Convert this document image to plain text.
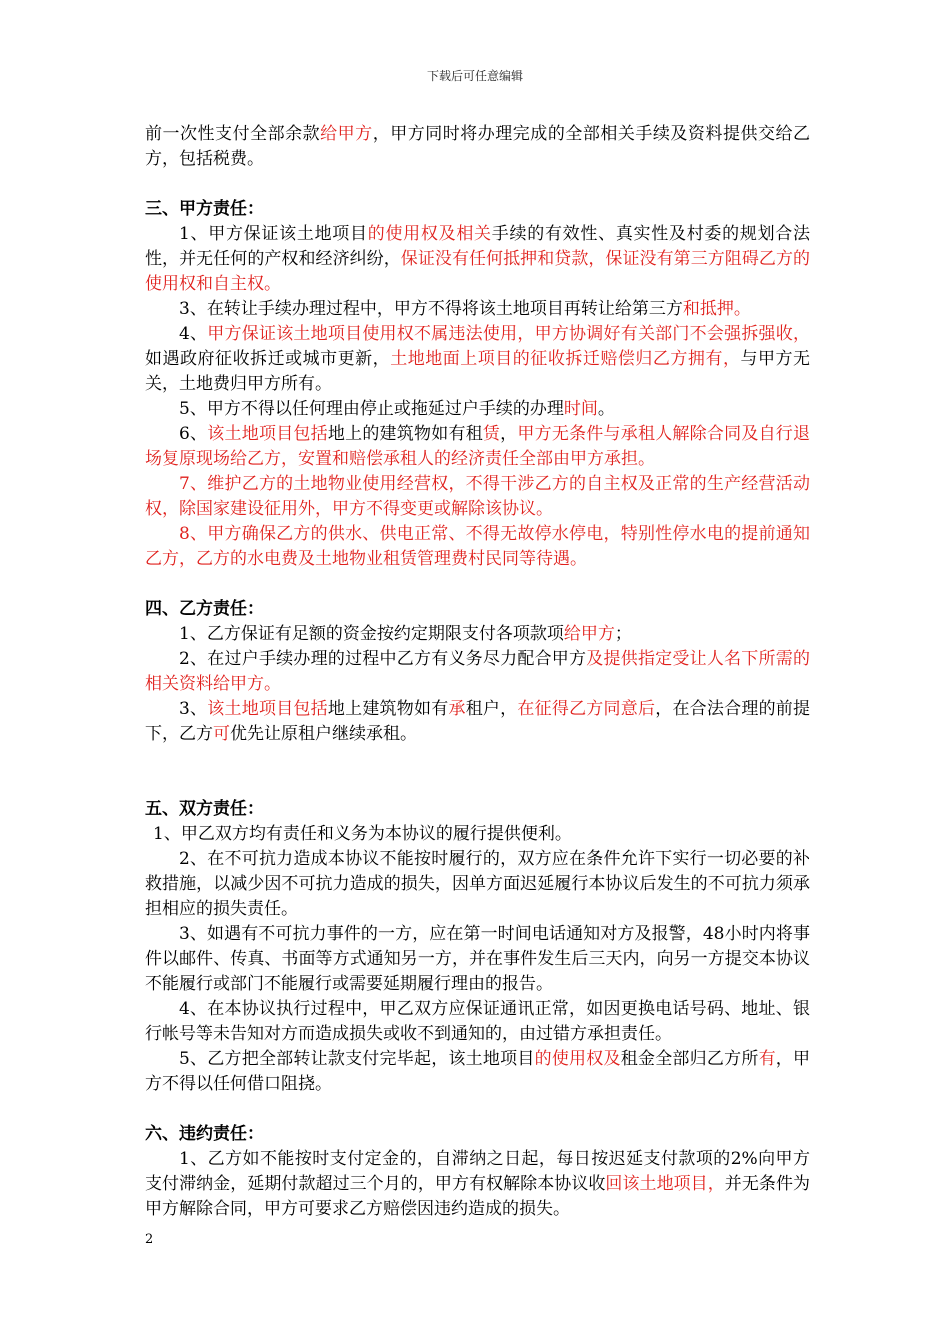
下载后可任意编辑

前一次性支付全部余款给甲方，甲方同时将办理完成的全部相关手续及资料提供交给乙方，包括税费。

三、甲方责任：

1、甲方保证该土地项目的使用权及相关手续的有效性、真实性及村委的规划合法性，并无任何的产权和经济纠纷，保证没有任何抵押和贷款，保证没有第三方阻碍乙方的使用权和自主权。

3、在转让手续办理过程中，甲方不得将该土地项目再转让给第三方和抵押。

4、甲方保证该土地项目使用权不属违法使用，甲方协调好有关部门不会强拆强收，如遇政府征收拆迁或城市更新，土地地面上项目的征收拆迁赔偿归乙方拥有，与甲方无关，土地费归甲方所有。

5、甲方不得以任何理由停止或拖延过户手续的办理时间。

6、该土地项目包括地上的建筑物如有租赁，甲方无条件与承租人解除合同及自行退场复原现场给乙方，安置和赔偿承租人的经济责任全部由甲方承担。

7、维护乙方的土地物业使用经营权，不得干涉乙方的自主权及正常的生产经营活动权，除国家建设征用外，甲方不得变更或解除该协议。

8、甲方确保乙方的供水、供电正常、不得无故停水停电，特别性停水电的提前通知乙方，乙方的水电费及土地物业租赁管理费村民同等待遇。

四、乙方责任：

1、乙方保证有足额的资金按约定期限支付各项款项给甲方；

2、在过户手续办理的过程中乙方有义务尽力配合甲方及提供指定受让人名下所需的相关资料给甲方。

3、该土地项目包括地上建筑物如有承租户，在征得乙方同意后，在合法合理的前提下，乙方可优先让原租户继续承租。

五、双方责任：

1、甲乙双方均有责任和义务为本协议的履行提供便利。

2、在不可抗力造成本协议不能按时履行的，双方应在条件允许下实行一切必要的补救措施，以减少因不可抗力造成的损失，因单方面迟延履行本协议后发生的不可抗力须承担相应的损失责任。

3、如遇有不可抗力事件的一方，应在第一时间电话通知对方及报警，48小时内将事件以邮件、传真、书面等方式通知另一方，并在事件发生后三天内，向另一方提交本协议不能履行或部门不能履行或需要延期履行理由的报告。

4、在本协议执行过程中，甲乙双方应保证通讯正常，如因更换电话号码、地址、银行帐号等未告知对方而造成损失或收不到通知的，由过错方承担责任。

5、乙方把全部转让款支付完毕起，该土地项目的使用权及租金全部归乙方所有，甲方不得以任何借口阻挠。

六、违约责任：

1、乙方如不能按时支付定金的，自滞纳之日起，每日按迟延支付款项的2%向甲方支付滞纳金，延期付款超过三个月的，甲方有权解除本协议收回该土地项目，并无条件为甲方解除合同，甲方可要求乙方赔偿因违约造成的损失。

2
